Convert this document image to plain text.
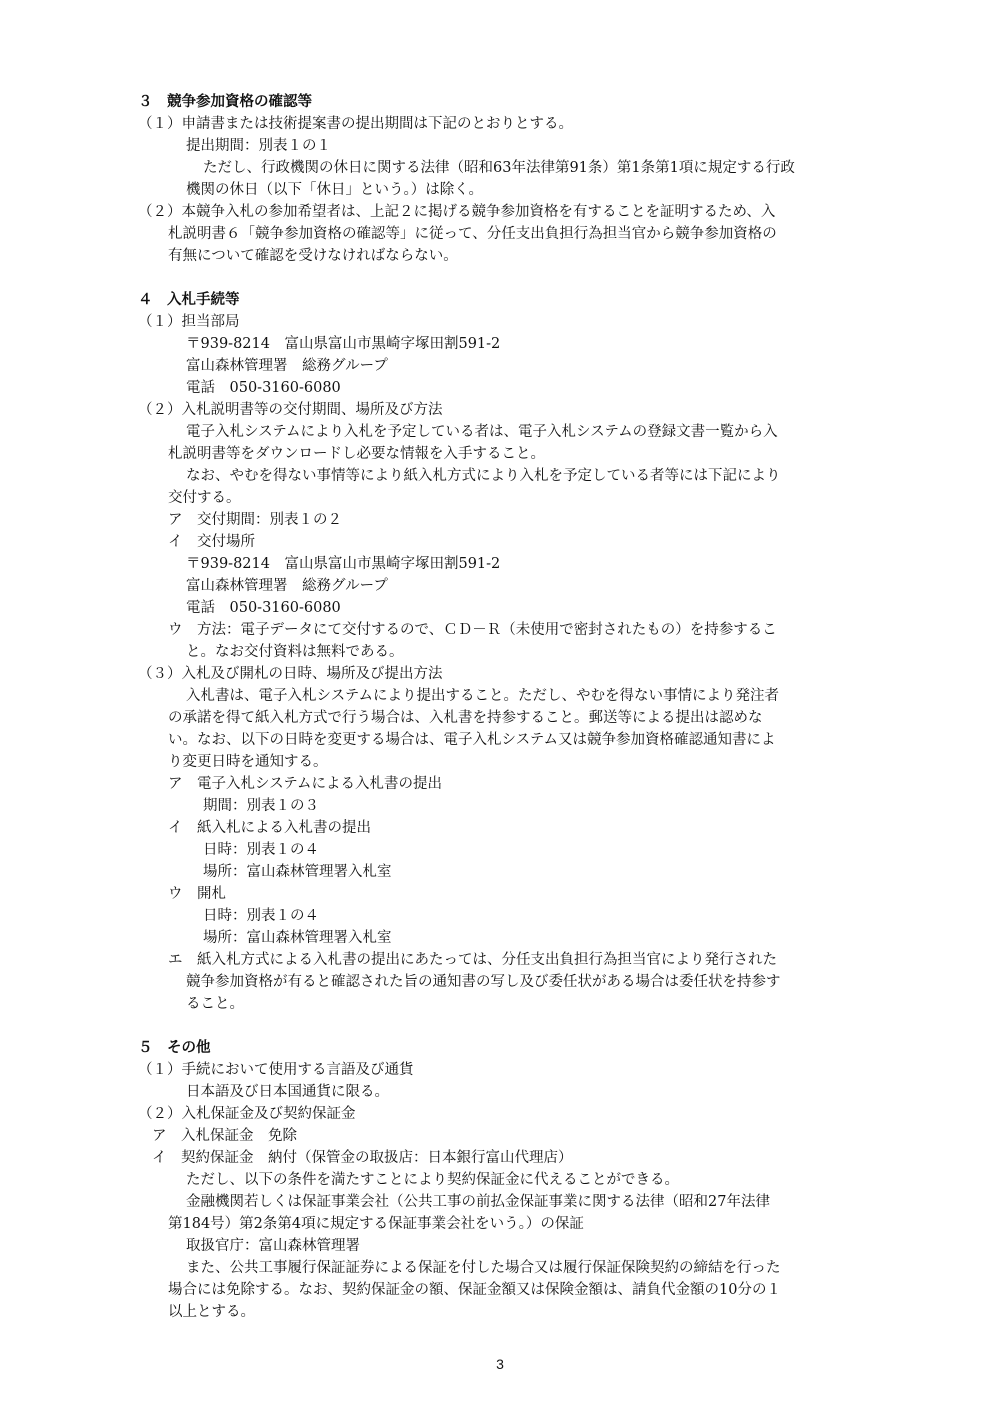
３　競争参加資格の確認等
（１）申請書または技術提案書の提出期間は下記のとおりとする。
提出期間：別表１の１
ただし、行政機関の休日に関する法律（昭和63年法律第91条）第1条第1項に規定する行政
機関の休日（以下「休日」という。）は除く。
（２）本競争入札の参加希望者は、上記２に掲げる競争参加資格を有することを証明するため、入
札説明書６「競争参加資格の確認等」に従って、分任支出負担行為担当官から競争参加資格の
有無について確認を受けなければならない。
４　入札手続等
（１）担当部局
〒939-8214　富山県富山市黒崎字塚田割591-2
富山森林管理署　総務グループ
電話　050-3160-6080
（２）入札説明書等の交付期間、場所及び方法
電子入札システムにより入札を予定している者は、電子入札システムの登録文書一覧から入
札説明書等をダウンロードし必要な情報を入手すること。
なお、やむを得ない事情等により紙入札方式により入札を予定している者等には下記により
交付する。
ア　交付期間：別表１の２
イ　交付場所
〒939-8214　富山県富山市黒崎字塚田割591-2
富山森林管理署　総務グループ
電話　050-3160-6080
ウ　方法：電子データにて交付するので、ＣＤ－Ｒ（未使用で密封されたもの）を持参するこ
と。なお交付資料は無料である。
（３）入札及び開札の日時、場所及び提出方法
入札書は、電子入札システムにより提出すること。ただし、やむを得ない事情により発注者
の承諾を得て紙入札方式で行う場合は、入札書を持参すること。郵送等による提出は認めな
い。なお、以下の日時を変更する場合は、電子入札システム又は競争参加資格確認通知書によ
り変更日時を通知する。
ア　電子入札システムによる入札書の提出
期間：別表１の３
イ　紙入札による入札書の提出
日時：別表１の４
場所：富山森林管理署入札室
ウ　開札
日時：別表１の４
場所：富山森林管理署入札室
エ　紙入札方式による入札書の提出にあたっては、分任支出負担行為担当官により発行された
競争参加資格が有ると確認された旨の通知書の写し及び委任状がある場合は委任状を持参す
ること。
５　その他
（１）手続において使用する言語及び通貨
日本語及び日本国通貨に限る。
（２）入札保証金及び契約保証金
ア　入札保証金　免除
イ　契約保証金　納付（保管金の取扱店：日本銀行富山代理店）
ただし、以下の条件を満たすことにより契約保証金に代えることができる。
金融機関若しくは保証事業会社（公共工事の前払金保証事業に関する法律（昭和27年法律
第184号）第2条第4項に規定する保証事業会社をいう。）の保証
取扱官庁：富山森林管理署
また、公共工事履行保証証券による保証を付した場合又は履行保証保険契約の締結を行った
場合には免除する。なお、契約保証金の額、保証金額又は保険金額は、請負代金額の10分の１
以上とする。
3
